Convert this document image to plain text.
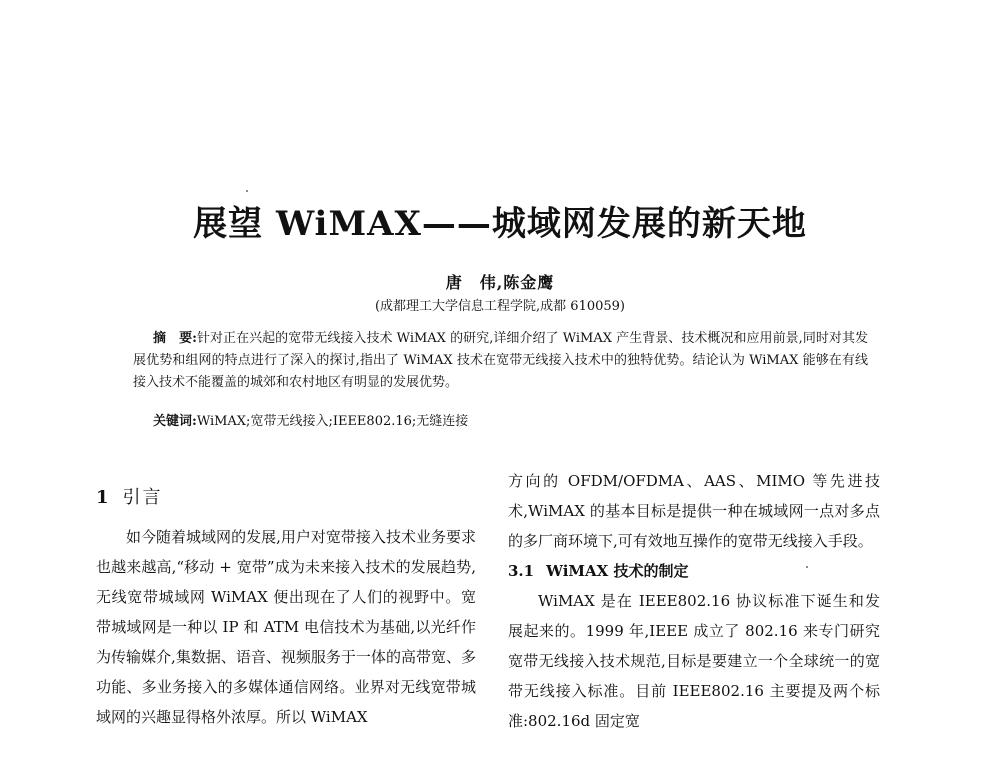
展望 WiMAX——城域网发展的新天地
唐　伟,陈金鹰
(成都理工大学信息工程学院,成都 610059)

摘　要:针对正在兴起的宽带无线接入技术 WiMAX 的研究,详细介绍了 WiMAX 产生背景、技术概况和应用前景,同时对其发展优势和组网的特点进行了深入的探讨,指出了 WiMAX 技术在宽带无线接入技术中的独特优势。结论认为 WiMAX 能够在有线接入技术不能覆盖的城郊和农村地区有明显的发展优势。

关键词:WiMAX;宽带无线接入;IEEE802.16;无缝连接
1 引言

如今随着城域网的发展,用户对宽带接入技术业务要求也越来越高,“移动 + 宽带”成为未来接入技术的发展趋势,无线宽带城域网 WiMAX 便出现在了人们的视野中。宽带城域网是一种以 IP 和 ATM 电信技术为基础,以光纤作为传输媒介,集数据、语音、视频服务于一体的高带宽、多功能、多业务接入的多媒体通信网络。业界对无线宽带城域网的兴趣显得格外浓厚。所以 WiMAX

方向的 OFDM/OFDMA、AAS、MIMO 等先进技术,WiMAX 的基本目标是提供一种在城域网一点对多点的多厂商环境下,可有效地互操作的宽带无线接入手段。

3.1 WiMAX 技术的制定

WiMAX 是在 IEEE802.16 协议标准下诞生和发展起来的。1999 年,IEEE 成立了 802.16 来专门研究宽带无线接入技术规范,目标是要建立一个全球统一的宽带无线接入标准。目前 IEEE802.16 主要提及两个标准:802.16d 固定宽
